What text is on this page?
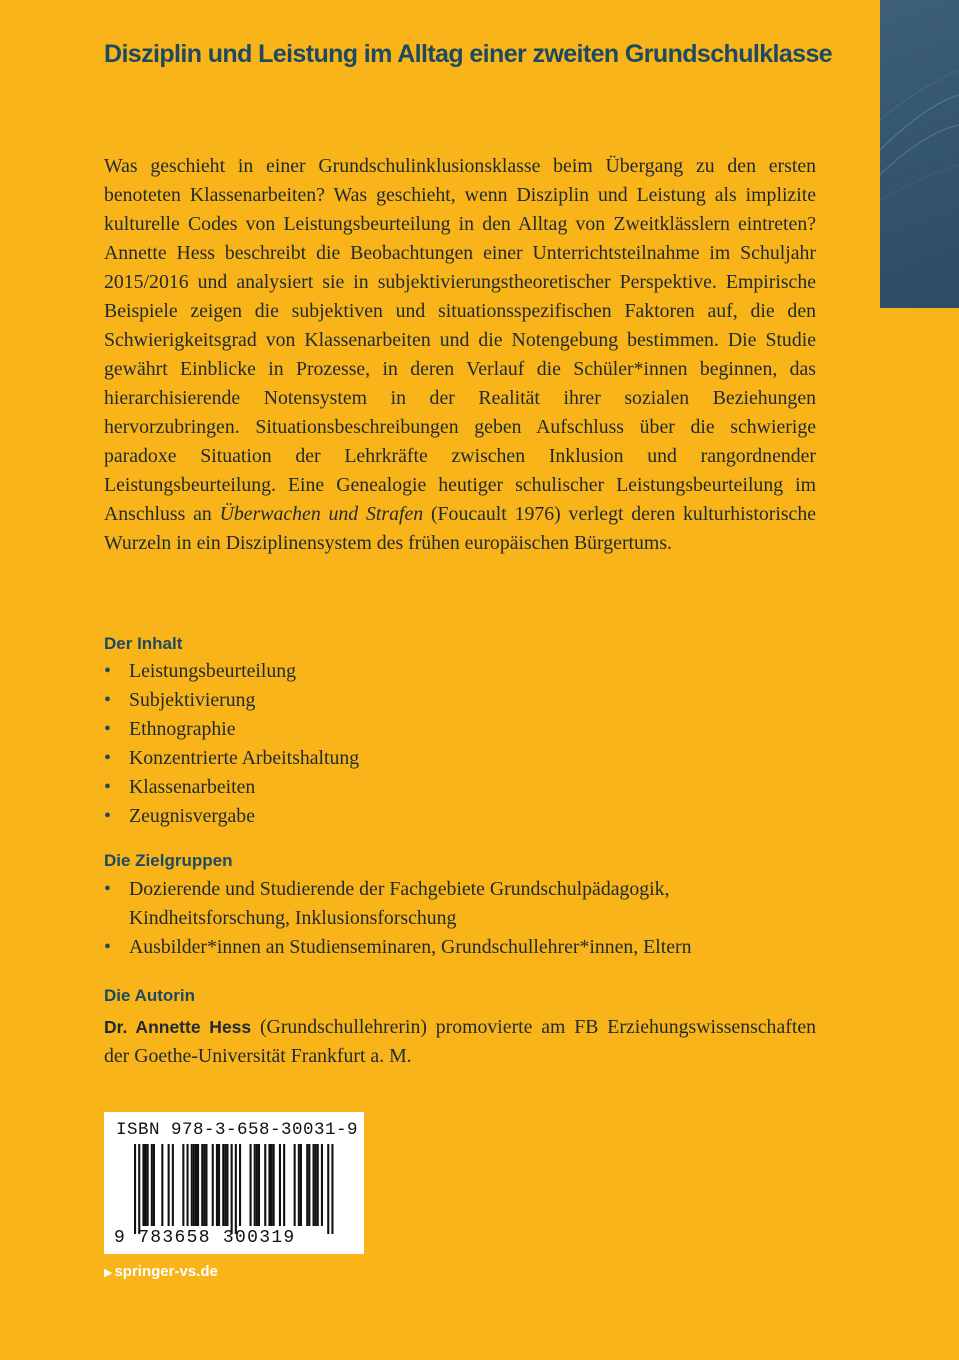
Disziplin und Leistung im Alltag einer zweiten Grundschulklasse

Was geschieht in einer Grundschulinklusionsklasse beim Übergang zu den ersten benoteten Klassenarbeiten? Was geschieht, wenn Disziplin und Leistung als implizite kulturelle Codes von Leistungsbeurteilung in den Alltag von Zweitklässlern eintreten? Annette Hess beschreibt die Beobachtungen einer Unterrichtsteilnahme im Schuljahr 2015/2016 und analysiert sie in subjektivierungstheoretischer Perspektive. Empirische Beispiele zeigen die subjektiven und situationsspezifischen Faktoren auf, die den Schwierigkeitsgrad von Klassenarbeiten und die Notengebung bestimmen. Die Studie gewährt Einblicke in Prozesse, in deren Verlauf die Schüler*innen beginnen, das hierarchisierende Notensystem in der Realität ihrer sozialen Beziehungen hervorzubringen. Situationsbeschreibungen geben Aufschluss über die schwierige paradoxe Situation der Lehrkräfte zwischen Inklusion und rangordnender Leistungsbeurteilung. Eine Genealogie heutiger schulischer Leistungsbeurteilung im Anschluss an Überwachen und Strafen (Foucault 1976) verlegt deren kulturhistorische Wurzeln in ein Disziplinensystem des frühen europäischen Bürgertums.

Der Inhalt
• Leistungsbeurteilung
• Subjektivierung
• Ethnographie
• Konzentrierte Arbeitshaltung
• Klassenarbeiten
• Zeugnisvergabe
Die Zielgruppen
• Dozierende und Studierende der Fachgebiete Grundschulpädagogik, Kindheitsforschung, Inklusionsforschung
• Ausbilder*innen an Studienseminaren, Grundschullehrer*innen, Eltern
Die Autorin

Dr. Annette Hess (Grundschullehrerin) promovierte am FB Erziehungswissenschaften der Goethe-Universität Frankfurt a. M.

ISBN 978-3-658-30031-9
9 783658 300319
▶ springer-vs.de
